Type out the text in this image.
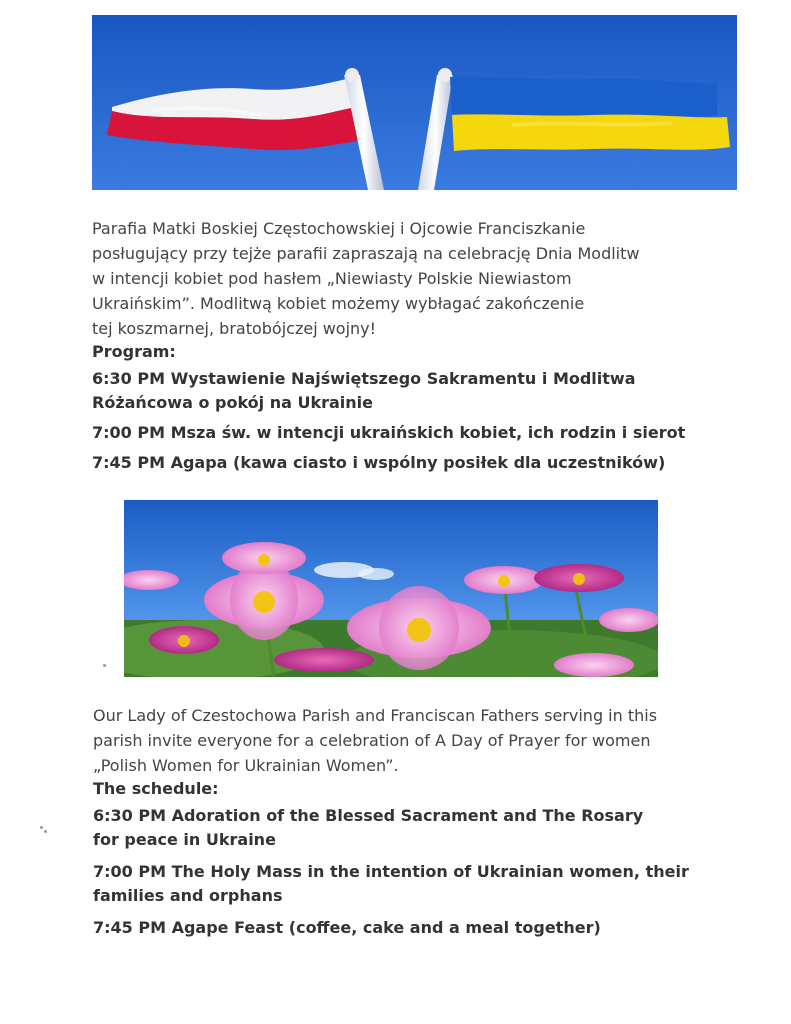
Parafia Matki Boskiej Częstochowskiej i Ojcowie Franciszkanie
posługujący przy tejże parafii zapraszają na celebrację Dnia Modlitw
w intencji kobiet pod hasłem „Niewiasty Polskie Niewiastom
Ukraińskim”. Modlitwą kobiet możemy wybłagać zakończenie
tej koszmarnej, bratobójczej wojny!

Program:

6:30 PM Wystawienie Najświętszego Sakramentu i Modlitwa
Różańcowa o pokój na Ukrainie

7:00 PM Msza św. w intencji ukraińskich kobiet, ich rodzin i sierot

7:45 PM Agapa (kawa ciasto i wspólny posiłek dla uczestników)

Our Lady of Czestochowa Parish and Franciscan Fathers serving in this
parish invite everyone for a celebration of A Day of Prayer for women
„Polish Women for Ukrainian Women”.

The schedule:

6:30 PM Adoration of the Blessed Sacrament and The Rosary
for peace in Ukraine

7:00 PM The Holy Mass in the intention of Ukrainian women, their
families and orphans

7:45 PM Agape Feast (coffee, cake and a meal together)
